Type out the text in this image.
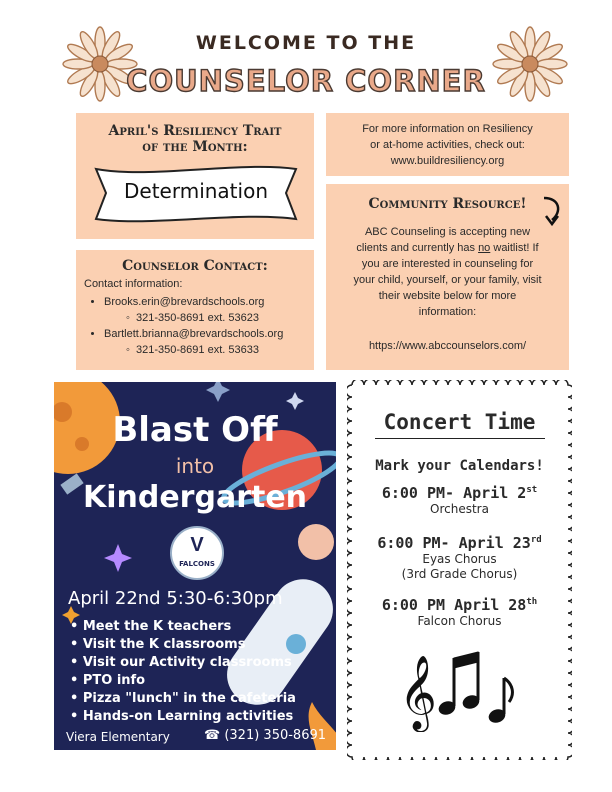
WELCOME TO THE
COUNSELOR CORNER
April's Resiliency Trait
of the Month:
Determination
For more information on Resiliency
or at-home activities, check out:
www.buildresiliency.org
Counselor Contact:
Contact information:
• Brooks.erin@brevardschools.org
◦  321-350-8691 ext. 53623
• Bartlett.brianna@brevardschools.org
◦  321-350-8691 ext. 53633
Community Resource!
ABC Counseling is accepting new
clients and currently has no waitlist! If
you are interested in counseling for
your child, yourself, or your family, visit
their website below for more
information:
https://www.abccounselors.com/
Blast Off
into
Kindergarten
FALCONS
V
April 22nd 5:30-6:30pm
• Meet the K teachers
• Visit the K classrooms
• Visit our Activity classrooms
• PTO info
• Pizza "lunch" in the cafeteria
• Hands-on Learning activities
Viera Elementary	☎ (321) 350-8691
Concert Time
Mark your Calendars!
6:00 PM- April 2st
Orchestra
6:00 PM- April 23rd
Eyas Chorus
(3rd Grade Chorus)
6:00 PM April 28th
Falcon Chorus
𝄞
